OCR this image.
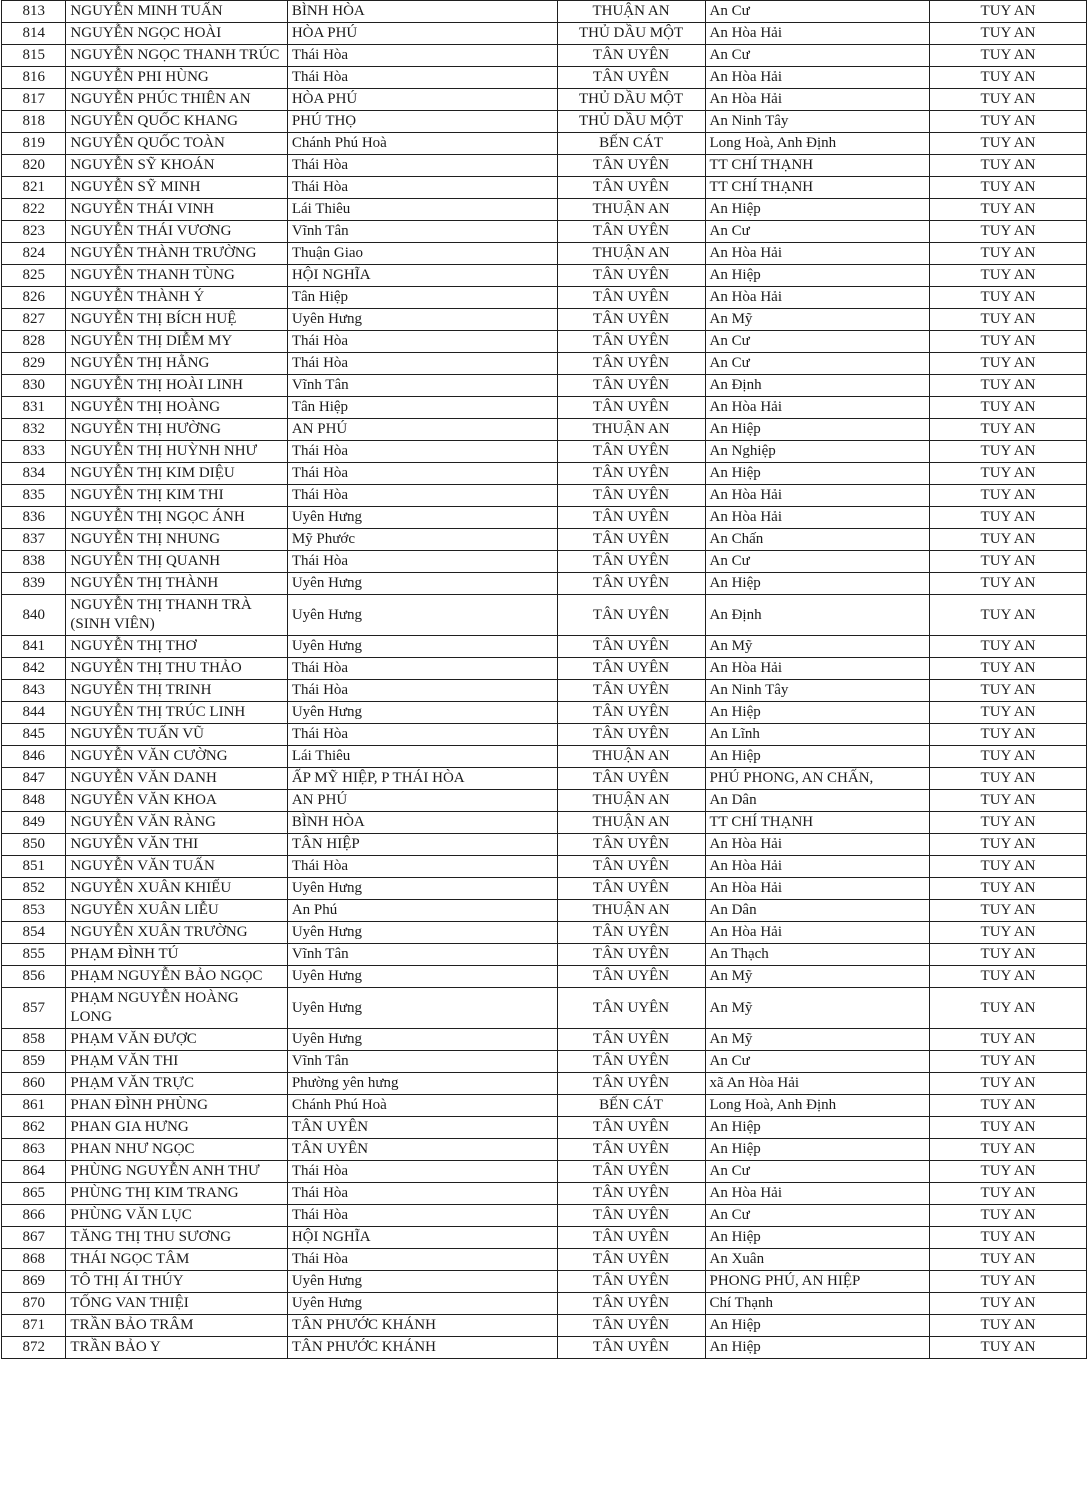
813	NGUYỄN MINH TUẤN	BÌNH HÒA	THUẬN AN	An Cư	TUY AN
814	NGUYỄN NGỌC HOÀI	HÒA PHÚ	THỦ DẦU MỘT	An Hòa Hải	TUY AN
815	NGUYỄN NGỌC THANH TRÚC	Thái Hòa	TÂN UYÊN	An Cư	TUY AN
816	NGUYỄN PHI HÙNG	Thái Hòa	TÂN UYÊN	An Hòa Hải	TUY AN
817	NGUYỄN PHÚC THIÊN AN	HÒA PHÚ	THỦ DẦU MỘT	An Hòa Hải	TUY AN
818	NGUYỄN QUỐC KHANG	PHÚ THỌ	THỦ DẦU MỘT	An Ninh Tây	TUY AN
819	NGUYỄN QUỐC TOÀN	Chánh Phú Hoà	BẾN CÁT	Long Hoà, Anh Định	TUY AN
820	NGUYỄN SỸ KHOÁN	Thái Hòa	TÂN UYÊN	TT CHÍ THẠNH	TUY AN
821	NGUYỄN SỸ MINH	Thái Hòa	TÂN UYÊN	TT CHÍ THẠNH	TUY AN
822	NGUYỄN THÁI VINH	Lái Thiêu	THUẬN AN	An Hiệp	TUY AN
823	NGUYỄN THÁI VƯƠNG	Vĩnh Tân	TÂN UYÊN	An Cư	TUY AN
824	NGUYỄN THÀNH TRƯỜNG	Thuận Giao	THUẬN AN	An Hòa Hải	TUY AN
825	NGUYỄN THANH TÙNG	HỘI NGHĨA	TÂN UYÊN	An Hiệp	TUY AN
826	NGUYỄN THÀNH Ý	Tân Hiệp	TÂN UYÊN	An Hòa Hải	TUY AN
827	NGUYỄN THỊ BÍCH HUỆ	Uyên Hưng	TÂN UYÊN	An Mỹ	TUY AN
828	NGUYỄN THỊ DIỄM MY	Thái Hòa	TÂN UYÊN	An Cư	TUY AN
829	NGUYỄN THỊ HẰNG	Thái Hòa	TÂN UYÊN	An Cư	TUY AN
830	NGUYỄN THỊ HOÀI LINH	Vĩnh Tân	TÂN UYÊN	An Định	TUY AN
831	NGUYỄN THỊ HOÀNG	Tân Hiệp	TÂN UYÊN	An Hòa Hải	TUY AN
832	NGUYỄN THỊ HƯỜNG	AN PHÚ	THUẬN AN	An Hiệp	TUY AN
833	NGUYỄN THỊ HUỲNH NHƯ	Thái Hòa	TÂN UYÊN	An Nghiệp	TUY AN
834	NGUYỄN THỊ KIM DIỆU	Thái Hòa	TÂN UYÊN	An Hiệp	TUY AN
835	NGUYỄN THỊ KIM THI	Thái Hòa	TÂN UYÊN	An Hòa Hải	TUY AN
836	NGUYỄN THỊ NGỌC ÁNH	Uyên Hưng	TÂN UYÊN	An Hòa Hải	TUY AN
837	NGUYỄN THỊ NHUNG	Mỹ Phước	TÂN UYÊN	An Chấn	TUY AN
838	NGUYỄN THỊ QUANH	Thái Hòa	TÂN UYÊN	An Cư	TUY AN
839	NGUYỄN THỊ THÀNH	Uyên Hưng	TÂN UYÊN	An Hiệp	TUY AN
840	NGUYỄN THỊ THANH TRÀ (SINH VIÊN)	Uyên Hưng	TÂN UYÊN	An Định	TUY AN
841	NGUYỄN THỊ THƠ	Uyên Hưng	TÂN UYÊN	An Mỹ	TUY AN
842	NGUYỄN THỊ THU THẢO	Thái Hòa	TÂN UYÊN	An Hòa Hải	TUY AN
843	NGUYỄN THỊ TRINH	Thái Hòa	TÂN UYÊN	An Ninh Tây	TUY AN
844	NGUYỄN THỊ TRÚC LINH	Uyên Hưng	TÂN UYÊN	An Hiệp	TUY AN
845	NGUYỄN TUẤN VŨ	Thái Hòa	TÂN UYÊN	An Lĩnh	TUY AN
846	NGUYỄN VĂN CƯỜNG	Lái Thiêu	THUẬN AN	An Hiệp	TUY AN
847	NGUYỄN VĂN DANH	ẤP MỸ HIỆP, P THÁI HÒA	TÂN UYÊN	PHÚ PHONG, AN CHẤN,	TUY AN
848	NGUYỄN VĂN KHOA	AN PHÚ	THUẬN AN	An Dân	TUY AN
849	NGUYỄN VĂN RÀNG	BÌNH HÒA	THUẬN AN	TT CHÍ THẠNH	TUY AN
850	NGUYỄN VĂN THI	TÂN HIỆP	TÂN UYÊN	An Hòa Hải	TUY AN
851	NGUYỄN VĂN TUẤN	Thái Hòa	TÂN UYÊN	An Hòa Hải	TUY AN
852	NGUYỄN XUÂN KHIẾU	Uyên Hưng	TÂN UYÊN	An Hòa Hải	TUY AN
853	NGUYỄN XUÂN LIỄU	An Phú	THUẬN AN	An Dân	TUY AN
854	NGUYỄN XUÂN TRƯỜNG	Uyên Hưng	TÂN UYÊN	An Hòa Hải	TUY AN
855	PHẠM ĐÌNH TÚ	Vĩnh Tân	TÂN UYÊN	An Thạch	TUY AN
856	PHẠM NGUYỄN BẢO NGỌC	Uyên Hưng	TÂN UYÊN	An Mỹ	TUY AN
857	PHẠM NGUYỄN HOÀNG LONG	Uyên Hưng	TÂN UYÊN	An Mỹ	TUY AN
858	PHẠM VĂN ĐƯỢC	Uyên Hưng	TÂN UYÊN	An Mỹ	TUY AN
859	PHẠM VĂN THI	Vĩnh Tân	TÂN UYÊN	An Cư	TUY AN
860	PHẠM VĂN TRỰC	Phường yên hưng	TÂN UYÊN	xã An Hòa Hải	TUY AN
861	PHAN ĐÌNH PHÙNG	Chánh Phú Hoà	BẾN CÁT	Long Hoà, Anh Định	TUY AN
862	PHAN GIA HƯNG	TÂN UYÊN	TÂN UYÊN	An Hiệp	TUY AN
863	PHAN NHƯ NGỌC	TÂN UYÊN	TÂN UYÊN	An Hiệp	TUY AN
864	PHÙNG NGUYỄN ANH THƯ	Thái Hòa	TÂN UYÊN	An Cư	TUY AN
865	PHÙNG THỊ KIM TRANG	Thái Hòa	TÂN UYÊN	An Hòa Hải	TUY AN
866	PHÙNG VĂN LỤC	Thái Hòa	TÂN UYÊN	An Cư	TUY AN
867	TĂNG THỊ THU SƯƠNG	HỘI NGHĨA	TÂN UYÊN	An Hiệp	TUY AN
868	THÁI NGỌC TÂM	Thái Hòa	TÂN UYÊN	An Xuân	TUY AN
869	TÔ THỊ ÁI THÚY	Uyên Hưng	TÂN UYÊN	PHONG PHÚ, AN HIỆP	TUY AN
870	TỐNG VAN THIỆI	Uyên Hưng	TÂN UYÊN	Chí Thạnh	TUY AN
871	TRẦN BẢO TRÂM	TÂN PHƯỚC KHÁNH	TÂN UYÊN	An Hiệp	TUY AN
872	TRẦN BẢO Y	TÂN PHƯỚC KHÁNH	TÂN UYÊN	An Hiệp	TUY AN
